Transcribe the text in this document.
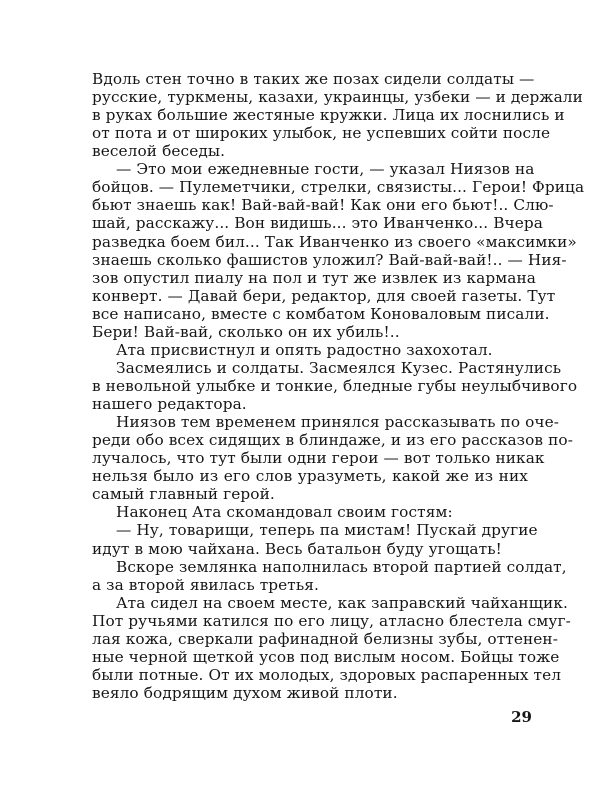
Вдоль стен точно в таких же позах сидели солдаты —
русские, туркмены, казахи, украинцы, узбеки — и держали
в руках большие жестяные кружки. Лица их лоснились и
от пота и от широких улыбок, не успевших сойти после
веселой беседы.
— Это мои ежедневные гости, — указал Ниязов на
бойцов. — Пулеметчики, стрелки, связисты... Герои! Фрица
бьют знаешь как! Вай-вай-вай! Как они его бьют!.. Слю-
шай, расскажу... Вон видишь... это Иванченко... Вчера
разведка боем бил... Так Иванченко из своего «максимки»
знаешь сколько фашистов уложил? Вай-вай-вай!.. — Ния-
зов опустил пиалу на пол и тут же извлек из кармана
конверт. — Давай бери, редактор, для своей газеты. Тут
все написано, вместе с комбатом Коноваловым писали.
Бери! Вай-вай, сколько он их убиль!..
Ата присвистнул и опять радостно захохотал.
Засмеялись и солдаты. Засмеялся Кузес. Растянулись
в невольной улыбке и тонкие, бледные губы неулыбчивого
нашего редактора.
Ниязов тем временем принялся рассказывать по оче-
реди обо всех сидящих в блиндаже, и из его рассказов по-
лучалось, что тут были одни герои — вот только никак
нельзя было из его слов уразуметь, какой же из них
самый главный герой.
Наконец Ата скомандовал своим гостям:
— Ну, товарищи, теперь па мистам! Пускай другие
идут в мою чайхана. Весь батальон буду угощать!
Вскоре землянка наполнилась второй партией солдат,
а за второй явилась третья.
Ата сидел на своем месте, как заправский чайханщик.
Пот ручьями катился по его лицу, атласно блестела смуг-
лая кожа, сверкали рафинадной белизны зубы, оттенен-
ные черной щеткой усов под вислым носом. Бойцы тоже
были потные. От их молодых, здоровых распаренных тел
веяло бодрящим духом живой плоти.
29
